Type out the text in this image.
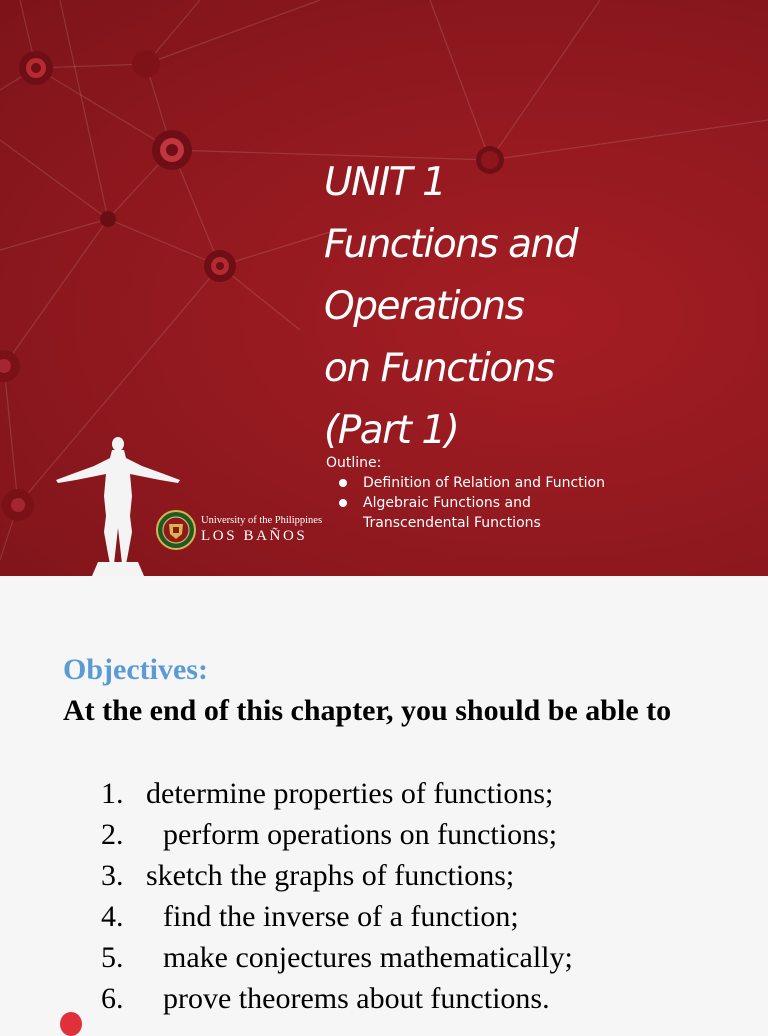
UNIT 1
Functions and
Operations
on Functions
(Part 1)
Outline:
Definition of Relation and Function
Algebraic Functions and
Transcendental Functions
University of the Philippines
LOS BAÑOS
Objectives:

At the end of this chapter, you should be able to

1. determine properties of functions;
2. perform operations on functions;
3. sketch the graphs of functions;
4. find the inverse of a function;
5. make conjectures mathematically;
6. prove theorems about functions.
